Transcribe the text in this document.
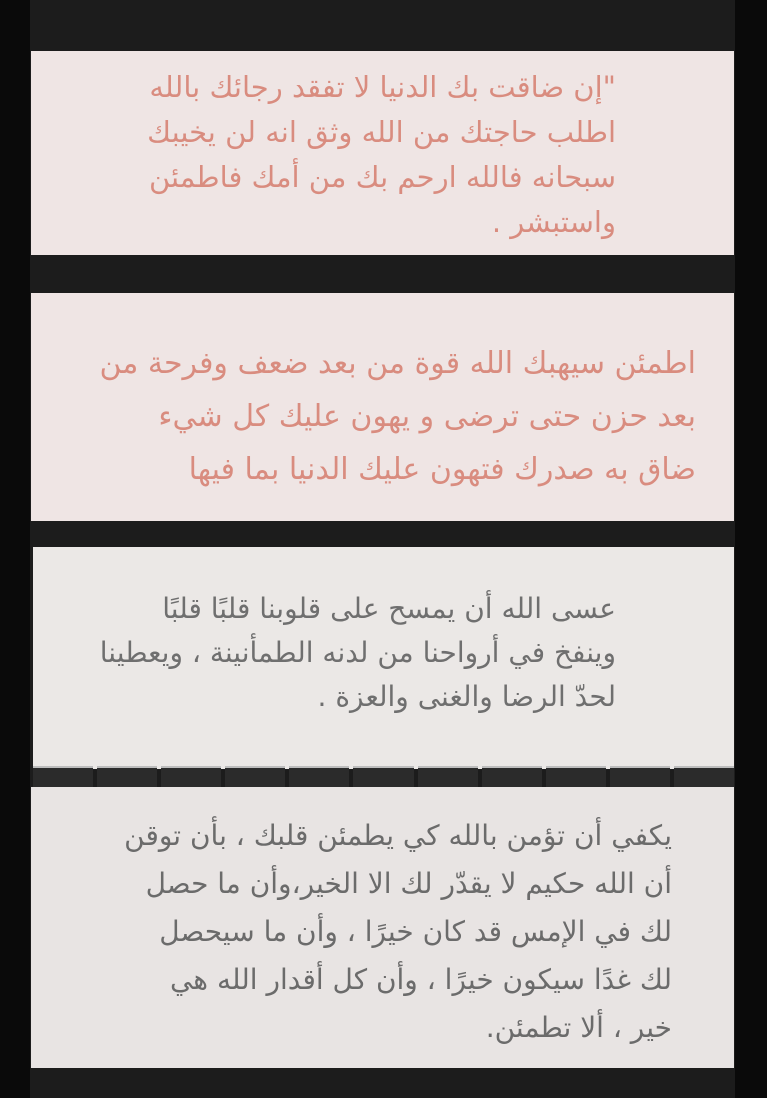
"إن ضاقت بك الدنيا لا تفقد رجائك بالله
اطلب حاجتك من الله وثق انه لن يخيبك
سبحانه فالله ارحم بك من أمك فاطمئن
واستبشر .

اطمئن سيهبك الله قوة من بعد ضعف وفرحة من
بعد حزن حتى ترضى و يهون عليك كل شيء
ضاق به صدرك فتهون عليك الدنيا بما فيها

عسى الله أن يمسح على قلوبنا قلبًا قلبًا
وينفخ في أرواحنا من لدنه الطمأنينة ، ويعطينا
لحدّ الرضا والغنى والعزة .

يكفي أن تؤمن بالله كي يطمئن قلبك ، بأن توقن
أن الله حكيم لا يقدّر لك الا الخير،وأن ما حصل
لك في الإمس قد كان خيرًا ، وأن ما سيحصل
لك غدًا سيكون خيرًا ، وأن كل أقدار الله هي
خير ، ألا تطمئن.
